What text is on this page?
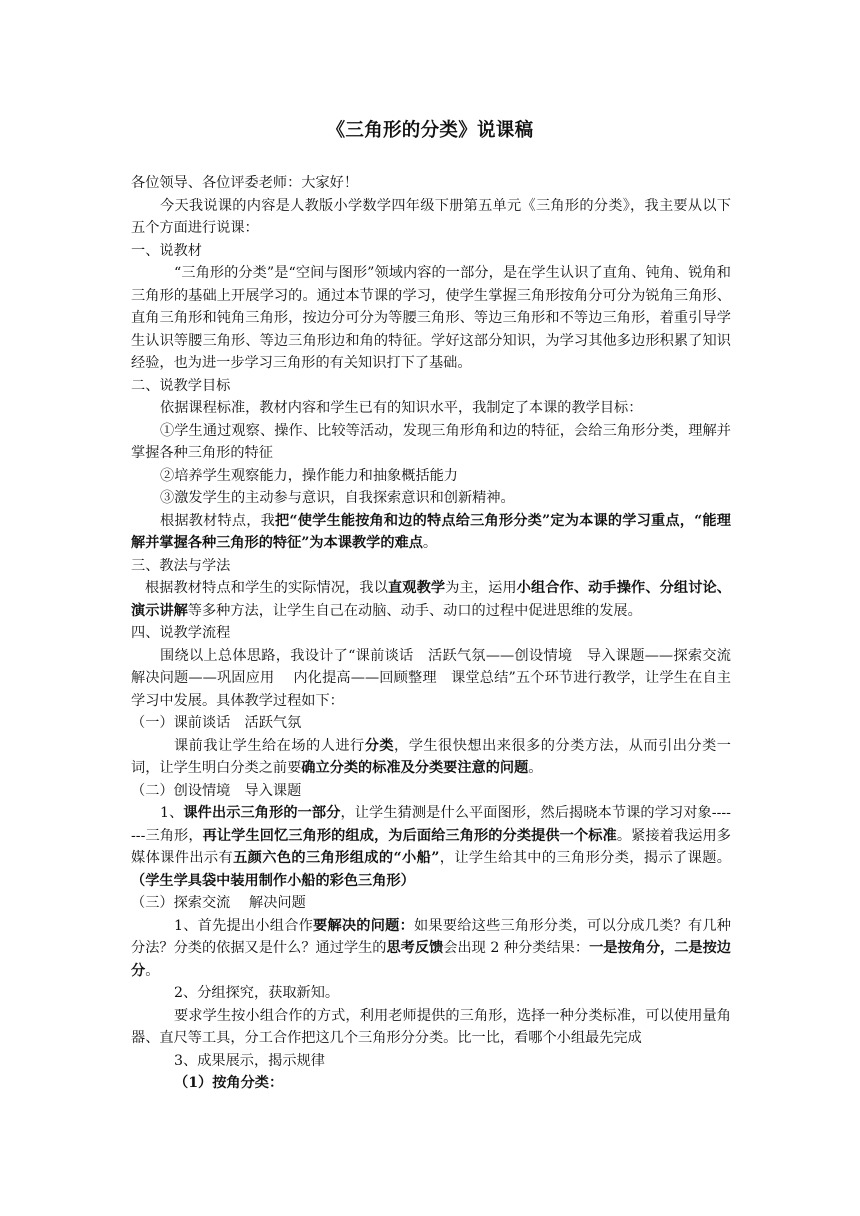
《三角形的分类》说课稿

各位领导、各位评委老师：大家好！

今天我说课的内容是人教版小学数学四年级下册第五单元《三角形的分类》，我主要从以下五个方面进行说课：

一、说教材

“三角形的分类”是“空间与图形”领域内容的一部分，是在学生认识了直角、钝角、锐角和三角形的基础上开展学习的。通过本节课的学习，使学生掌握三角形按角分可分为锐角三角形、直角三角形和钝角三角形，按边分可分为等腰三角形、等边三角形和不等边三角形，着重引导学生认识等腰三角形、等边三角形边和角的特征。学好这部分知识，为学习其他多边形积累了知识经验，也为进一步学习三角形的有关知识打下了基础。

二、说教学目标

依据课程标准，教材内容和学生已有的知识水平，我制定了本课的教学目标：

①学生通过观察、操作、比较等活动，发现三角形角和边的特征，会给三角形分类，理解并掌握各种三角形的特征

②培养学生观察能力，操作能力和抽象概括能力

③激发学生的主动参与意识，自我探索意识和创新精神。

根据教材特点，我把“使学生能按角和边的特点给三角形分类”定为本课的学习重点，“能理解并掌握各种三角形的特征”为本课教学的难点。

三、教法与学法

根据教材特点和学生的实际情况，我以直观教学为主，运用小组合作、动手操作、分组讨论、演示讲解等多种方法，让学生自己在动脑、动手、动口的过程中促进思维的发展。

四、说教学流程

围绕以上总体思路，我设计了“课前谈话　活跃气氛——创设情境　导入课题——探索交流　 解决问题——巩固应用　 内化提高——回顾整理　课堂总结”五个环节进行教学，让学生在自主学习中发展。具体教学过程如下：

（一）课前谈话　活跃气氛

课前我让学生给在场的人进行分类，学生很快想出来很多的分类方法，从而引出分类一词，让学生明白分类之前要确立分类的标准及分类要注意的问题。

（二）创设情境　导入课题

1、课件出示三角形的一部分，让学生猜测是什么平面图形，然后揭晓本节课的学习对象-------三角形，再让学生回忆三角形的组成，为后面给三角形的分类提供一个标准。紧接着我运用多媒体课件出示有五颜六色的三角形组成的“小船”，让学生给其中的三角形分类，揭示了课题。（学生学具袋中装用制作小船的彩色三角形）

（三）探索交流　 解决问题

1、首先提出小组合作要解决的问题：如果要给这些三角形分类，可以分成几类？有几种分法？分类的依据又是什么？通过学生的思考反馈会出现 2 种分类结果：一是按角分，二是按边分。

2、分组探究，获取新知。

要求学生按小组合作的方式，利用老师提供的三角形，选择一种分类标准，可以使用量角器、直尺等工具，分工合作把这几个三角形分分类。比一比，看哪个小组最先完成

3、成果展示，揭示规律

（1）按角分类：
